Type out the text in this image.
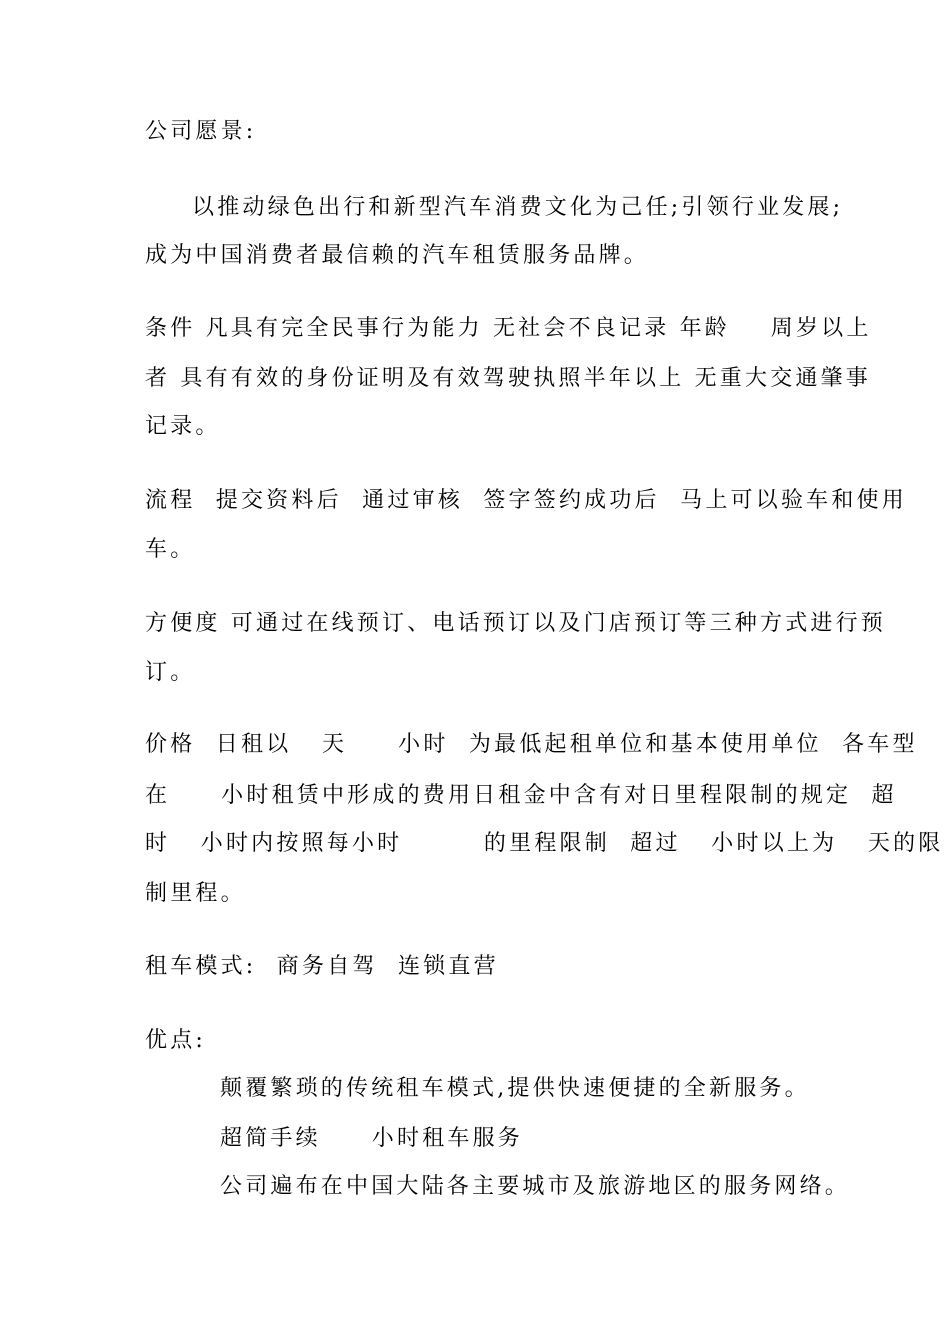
公司愿景:
以推动绿色出行和新型汽车消费文化为己任;引领行业发展;
成为中国消费者最信赖的汽车租赁服务品牌。
条件 凡具有完全民事行为能力 无社会不良记录 年龄    周岁以上
者 具有有效的身份证明及有效驾驶执照半年以上 无重大交通肇事
记录。
流程  提交资料后  通过审核  签字签约成功后  马上可以验车和使用
车。
方便度 可通过在线预订、电话预订以及门店预订等三种方式进行预
订。
价格  日租以   天     小时  为最低起租单位和基本使用单位  各车型
在     小时租赁中形成的费用日租金中含有对日里程限制的规定  超
时   小时内按照每小时        的里程限制  超过   小时以上为   天的限
制里程。
租车模式:  商务自驾  连锁直营
优点:
颠覆繁琐的传统租车模式,提供快速便捷的全新服务。
超简手续     小时租车服务
公司遍布在中国大陆各主要城市及旅游地区的服务网络。
